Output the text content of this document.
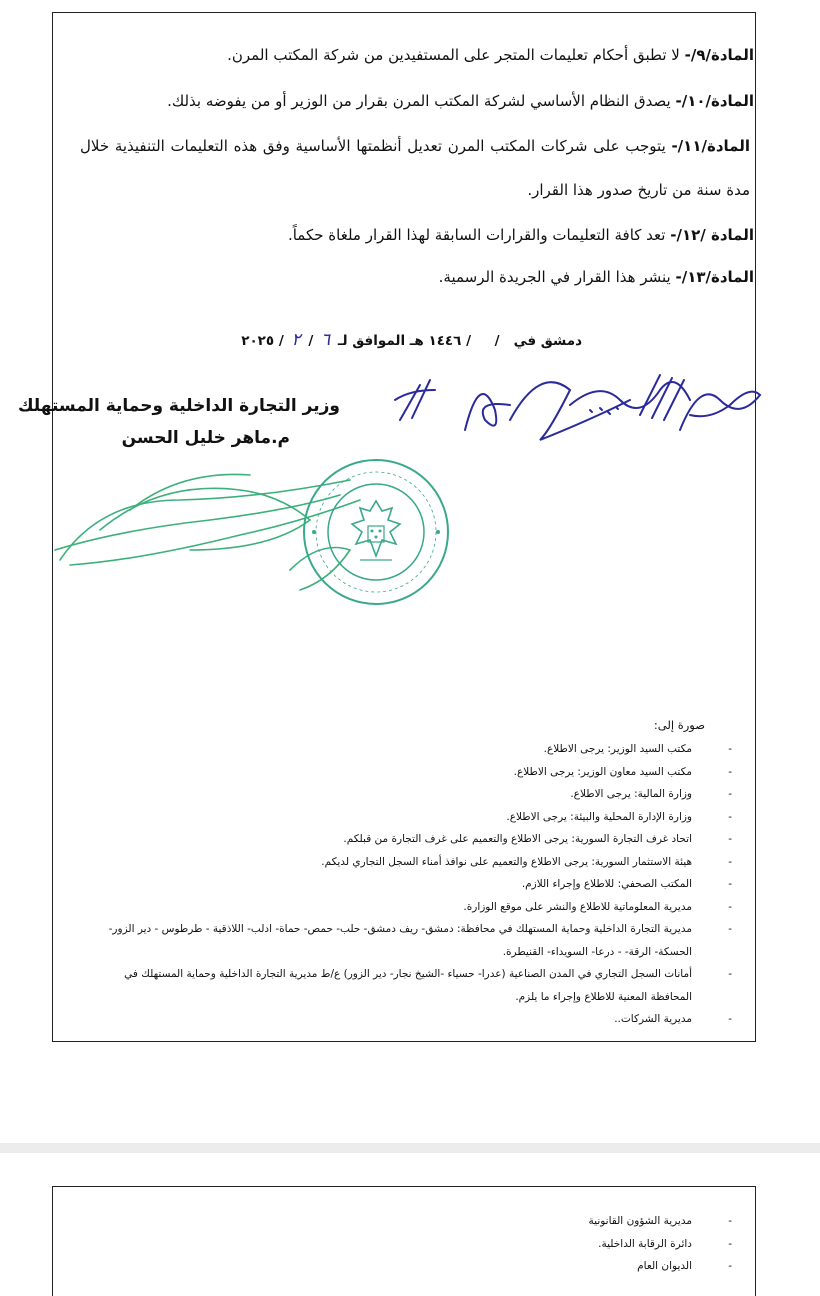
المادة/٩/- لا تطبق أحكام تعليمات المتجر على المستفيدين من شركة المكتب المرن.
المادة/١٠/- يصدق النظام الأساسي لشركة المكتب المرن بقرار من الوزير أو من يفوضه بذلك.
المادة/١١/- يتوجب على شركات المكتب المرن تعديل أنظمتها الأساسية وفق هذه التعليمات التنفيذية خلال مدة سنة من تاريخ صدور هذا القرار.
المادة /١٢/- تعد كافة التعليمات والقرارات السابقة لهذا القرار ملغاة حكماً.
المادة/١٣/- ينشر هذا القرار في الجريدة الرسمية.
دمشق في   /     / ١٤٤٦ هـ الموافق لـ ٦ / ٢ / ٢٠٢٥
وزير التجارة الداخلية وحماية المستهلك
م.ماهر خليل الحسن
صورة إلى:
-
مكتب السيد الوزير: يرجى الاطلاع.
-
مكتب السيد معاون الوزير: يرجى الاطلاع.
-
وزارة المالية: يرجى الاطلاع.
-
وزارة الإدارة المحلية والبيئة: يرجى الاطلاع.
-
اتحاد غرف التجارة السورية: يرجى الاطلاع والتعميم على غرف التجارة من قبلكم.
-
هيئة الاستثمار السورية: يرجى الاطلاع والتعميم على نوافذ أمناء السجل التجاري لديكم.
-
المكتب الصحفي: للاطلاع وإجراء اللازم.
-
مديرية المعلوماتية للاطلاع والنشر على موقع الوزارة.
-
مديرية التجارة الداخلية وحماية المستهلك في محافظة: دمشق- ريف دمشق- حلب- حمص- حماة- ادلب- اللاذقية - طرطوس - دير الزور- الحسكة- الرقة- - درعا- السويداء- القنيطرة.
-
أمانات السجل التجاري في المدن الصناعية (عدرا- حسياء -الشيخ نجار- دير الزور) ع/ط مديرية التجارة الداخلية وحماية المستهلك في المحافظة المعنية للاطلاع وإجراء ما يلزم.
-
مديرية الشركات..
-
مديرية الشؤون القانونية
-
دائرة الرقابة الداخلية.
-
الديوان العام
